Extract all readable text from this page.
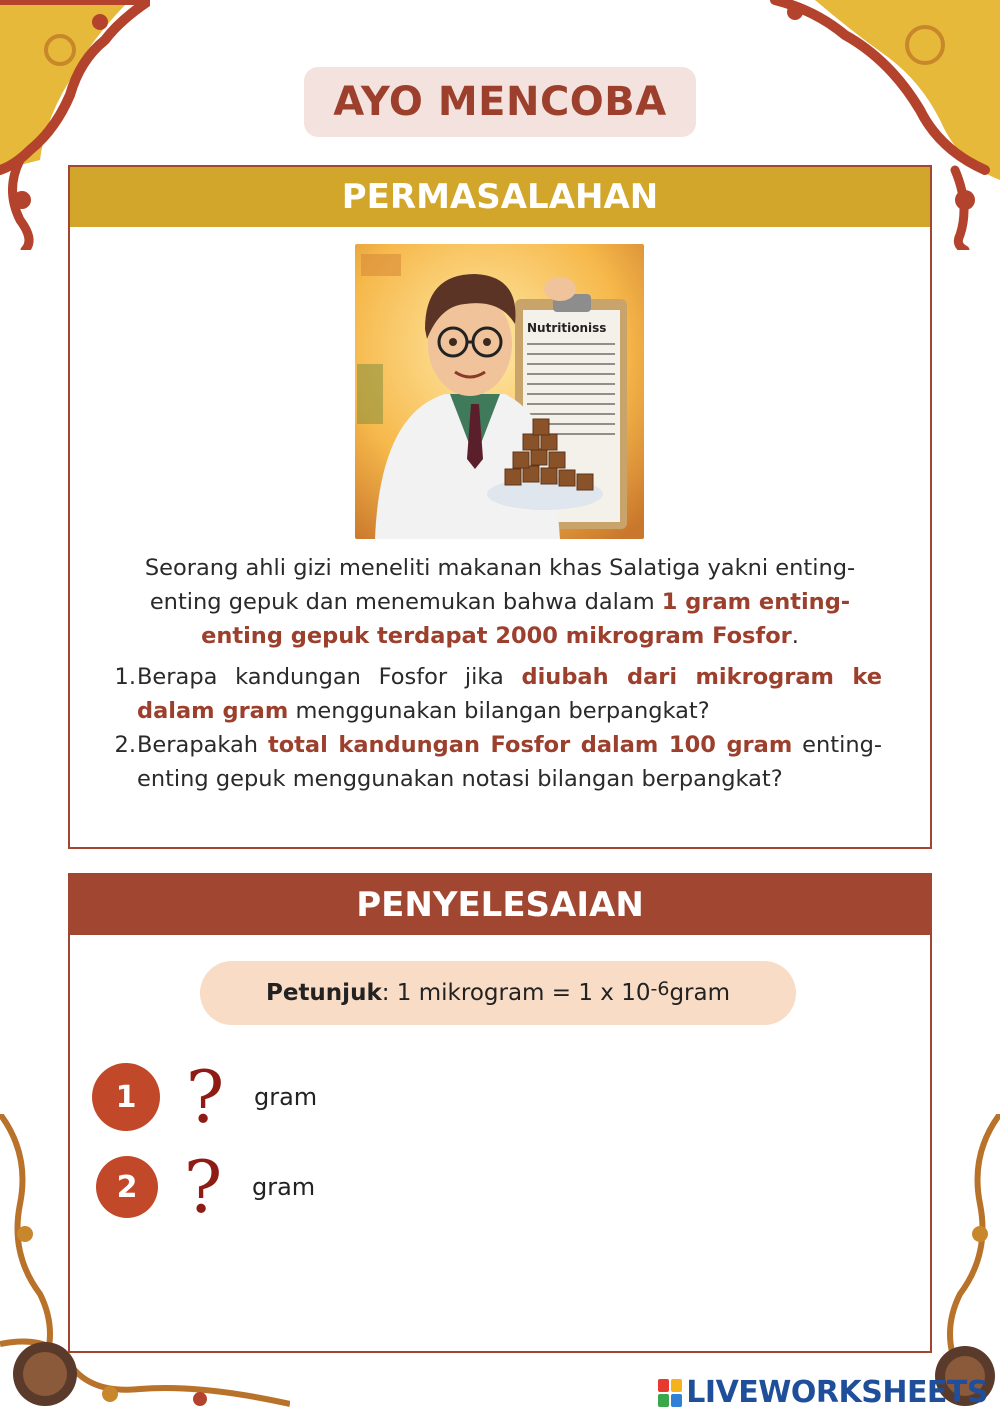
AYO MENCOBA
PERMASALAHAN
Nutritioniss

Seorang ahli gizi meneliti makanan khas Salatiga yakni enting-enting gepuk dan menemukan bahwa dalam 1 gram enting-enting gepuk terdapat 2000 mikrogram Fosfor.

1. Berapa kandungan Fosfor jika diubah dari mikrogram ke dalam gram menggunakan bilangan berpangkat?
2. Berapakah total kandungan Fosfor dalam 100 gram enting-enting gepuk menggunakan notasi bilangan berpangkat?
PENYELESAIAN
Petunjuk : 1 mikrogram = 1 x $10^{-6}$ gram
1 ?	gram
2 ?	gram
LIVEWORKSHEETS
